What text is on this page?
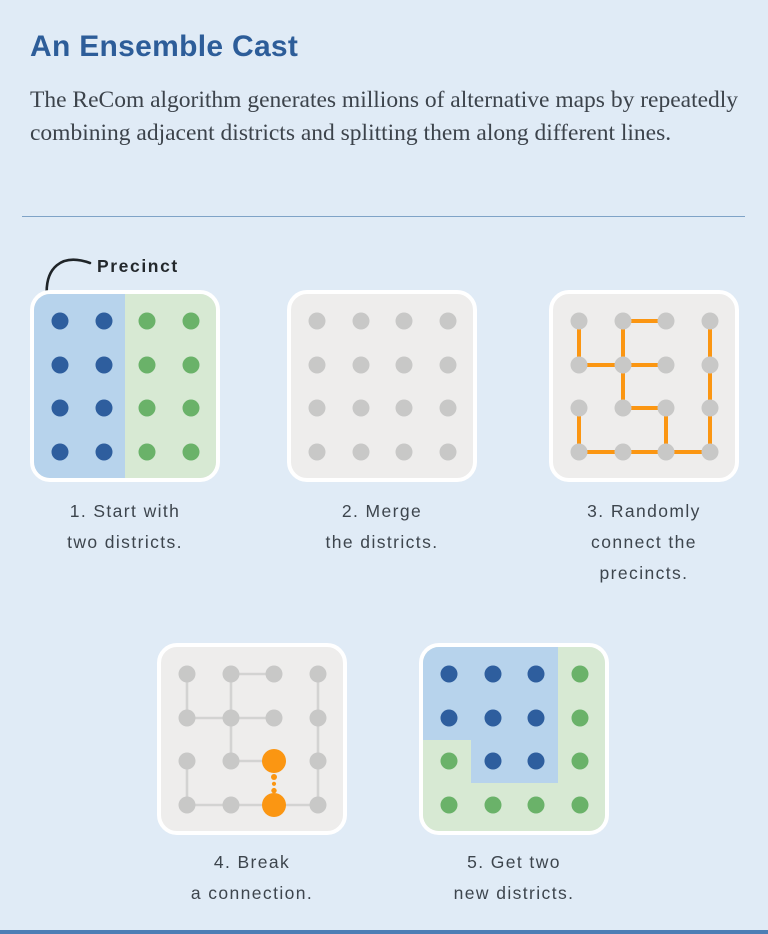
An Ensemble Cast

The ReCom algorithm generates millions of alternative maps by repeatedly combining adjacent districts and splitting them along different lines.

Precinct
1. Start with
two districts.
2. Merge
the districts.
3. Randomly
connect the
precincts.
4. Break
a connection.
5. Get two
new districts.
